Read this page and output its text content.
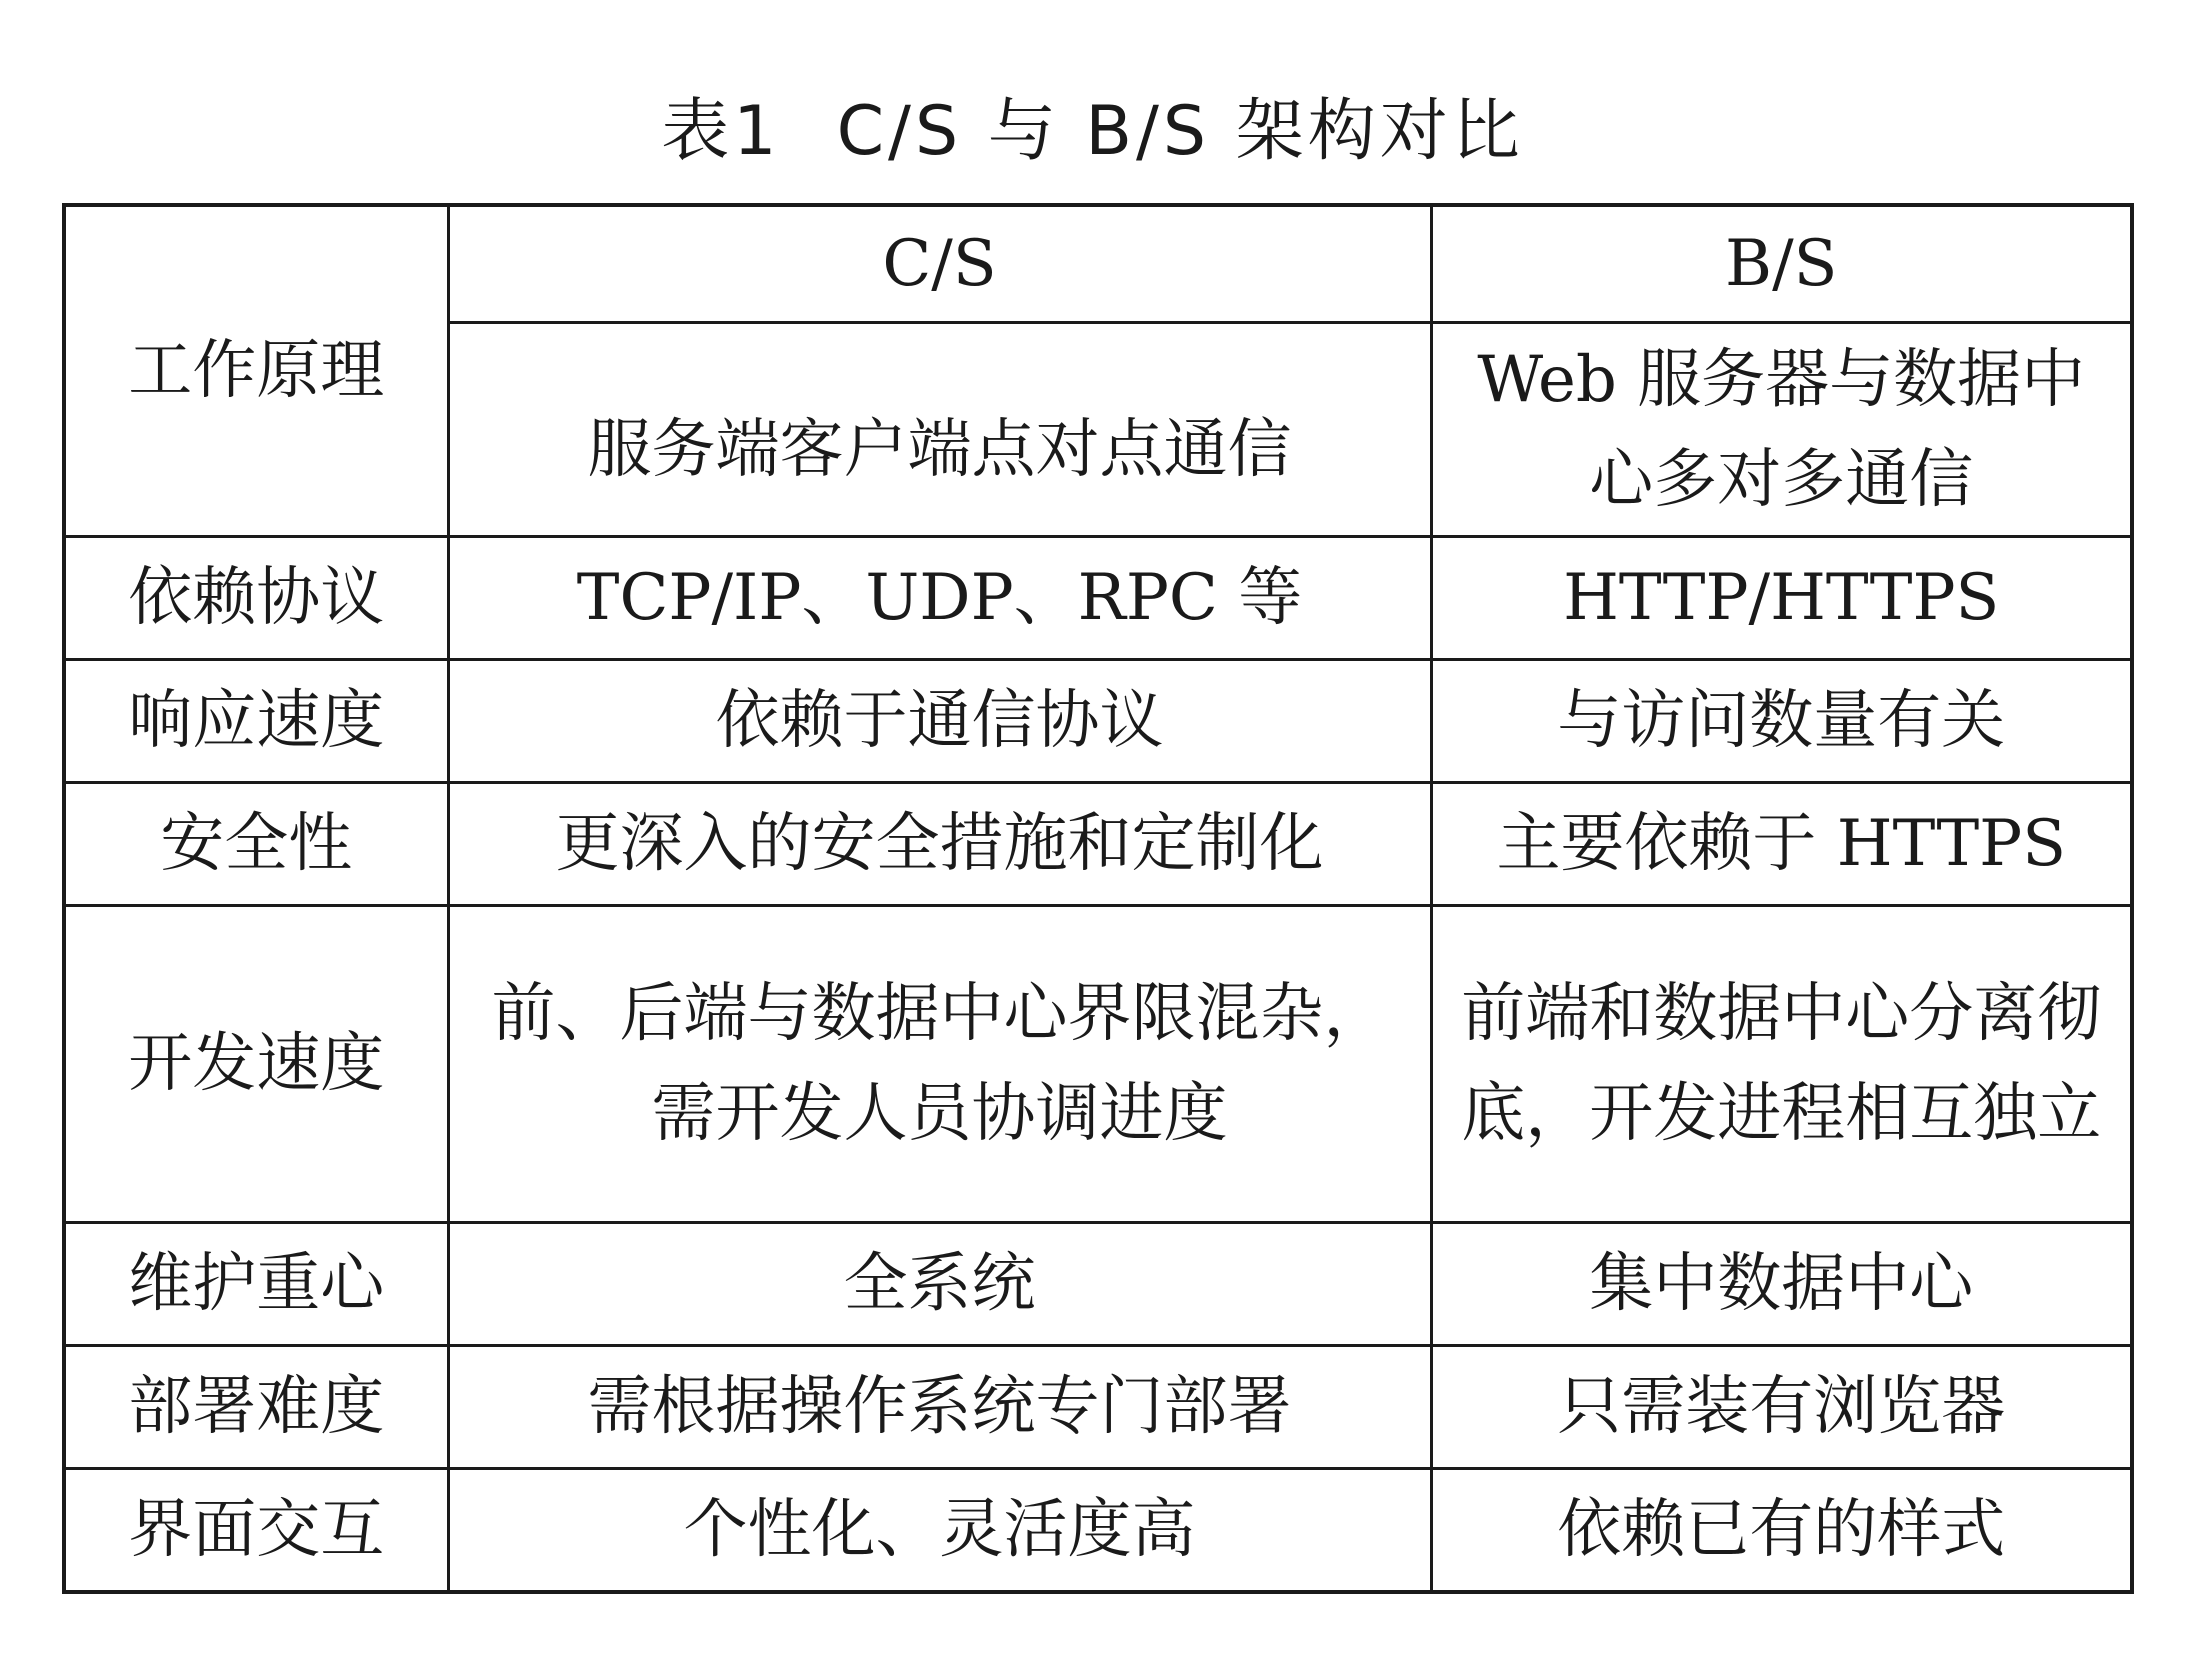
表1 C/S 与 B/S 架构对比
工作原理	C/S	B/S

	服务端客户端点对点通信	Web 服务器与数据中心多对多通信
依赖协议	TCP/IP、UDP、RPC 等	HTTP/HTTPS
响应速度	依赖于通信协议	与访问数量有关
安全性	更深入的安全措施和定制化	主要依赖于 HTTPS
开发速度	前、后端与数据中心界限混杂，需开发人员协调进度	前端和数据中心分离彻底，开发进程相互独立
维护重心	全系统	集中数据中心
部署难度	需根据操作系统专门部署	只需装有浏览器
界面交互	个性化、灵活度高	依赖已有的样式
